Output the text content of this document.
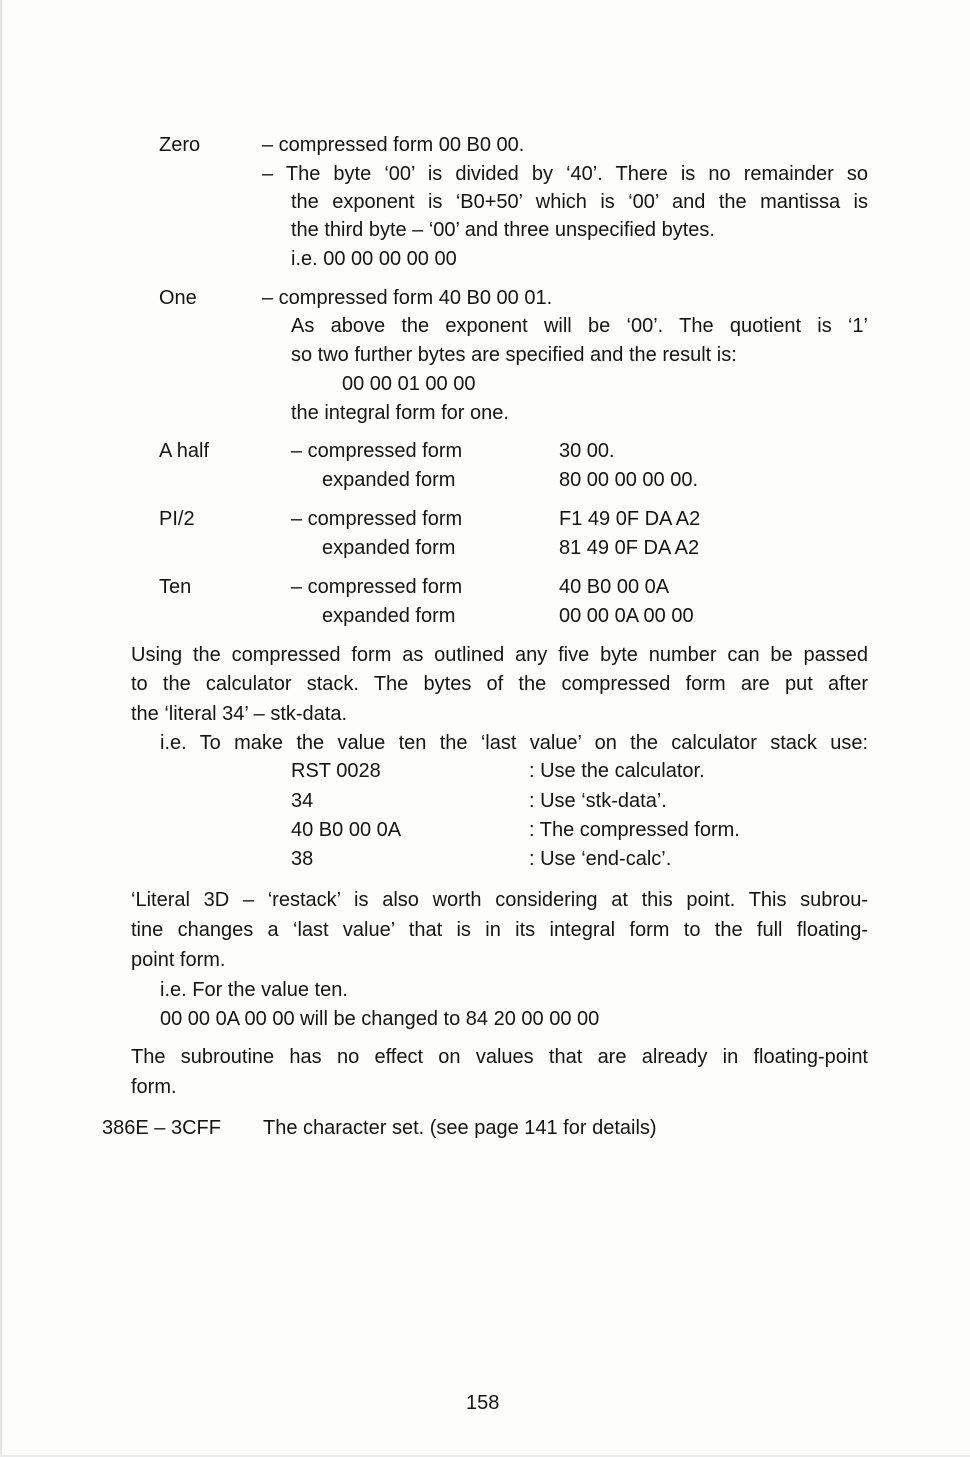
Zero	– compressed form 00 B0 00.
– The byte ‘00’ is divided by ‘40’. There is no remainder so
the exponent is ‘B0+50’ which is ‘00’ and the mantissa is
the third byte – ‘00’ and three unspecified bytes.
i.e. 00 00 00 00 00
One	– compressed form 40 B0 00 01.
As above the exponent will be ‘00’. The quotient is ‘1’
so two further bytes are specified and the result is:
00 00 01 00 00
the integral form for one.
A half	– compressed form	30 00.
expanded form	80 00 00 00 00.
PI/2	– compressed form	F1 49 0F DA A2
expanded form	81 49 0F DA A2
Ten	– compressed form	40 B0 00 0A
expanded form	00 00 0A 00 00
Using the compressed form as outlined any five byte number can be passed
to the calculator stack. The bytes of the compressed form are put after
the ‘literal 34’ – stk-data.
i.e. To make the value ten the ‘last value’ on the calculator stack use:
RST 0028	: Use the calculator.
34	: Use ‘stk-data’.
40 B0 00 0A	: The compressed form.
38	: Use ‘end-calc’.
‘Literal 3D – ‘restack’ is also worth considering at this point. This subrou-
tine changes a ‘last value’ that is in its integral form to the full floating-
point form.
i.e. For the value ten.
00 00 0A 00 00 will be changed to 84 20 00 00 00
The subroutine has no effect on values that are already in floating-point
form.
386E – 3CFF The character set. (see page 141 for details)
158
